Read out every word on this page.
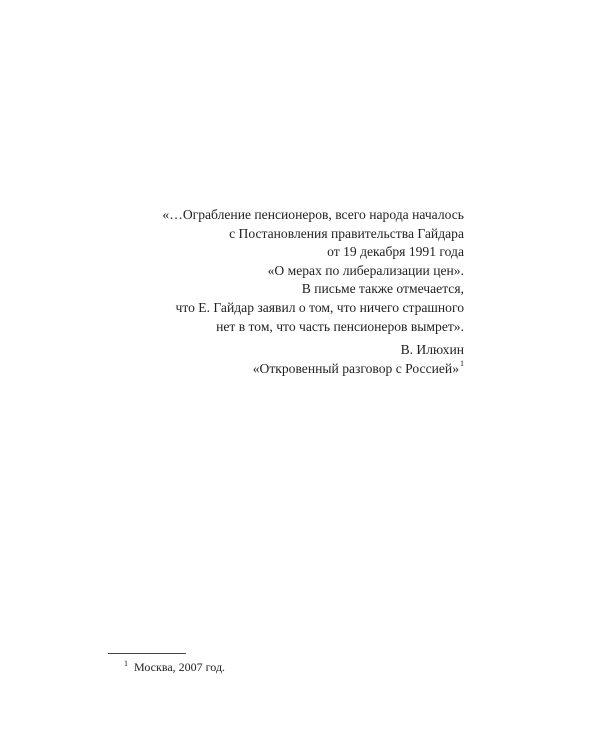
«…Ограбление пенсионеров, всего народа началось
с Постановления правительства Гайдара
от 19 декабря 1991 года
«О мерах по либерализации цен».
В письме также отмечается,
что Е. Гайдар заявил о том, что ничего страшного
нет в том, что часть пенсионеров вымрет».
В. Илюхин
«Откровенный разговор с Россией»$^1$
$^1$ Москва, 2007 год.
